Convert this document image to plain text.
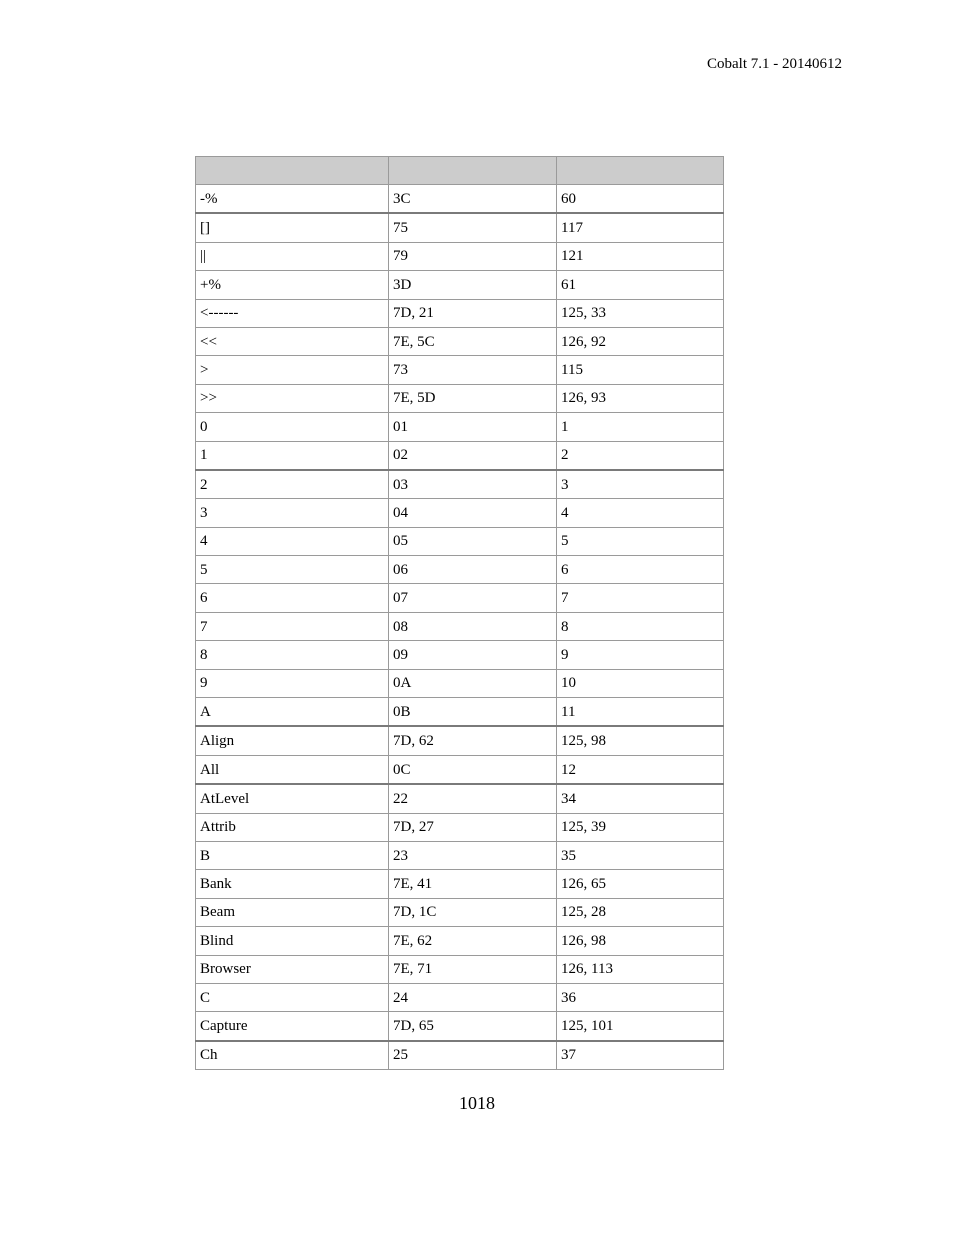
Cobalt 7.1 - 20140612

-%	3C	60
[]	75	117
||	79	121
+%	3D	61
<------	7D, 21	125, 33
<<	7E, 5C	126, 92
>	73	115
>>	7E, 5D	126, 93
0	01	1
1	02	2
2	03	3
3	04	4
4	05	5
5	06	6
6	07	7
7	08	8
8	09	9
9	0A	10
A	0B	11
Align	7D, 62	125, 98
All	0C	12
AtLevel	22	34
Attrib	7D, 27	125, 39
B	23	35
Bank	7E, 41	126, 65
Beam	7D, 1C	125, 28
Blind	7E, 62	126, 98
Browser	7E, 71	126, 113
C	24	36
Capture	7D, 65	125, 101
Ch	25	37
1018
